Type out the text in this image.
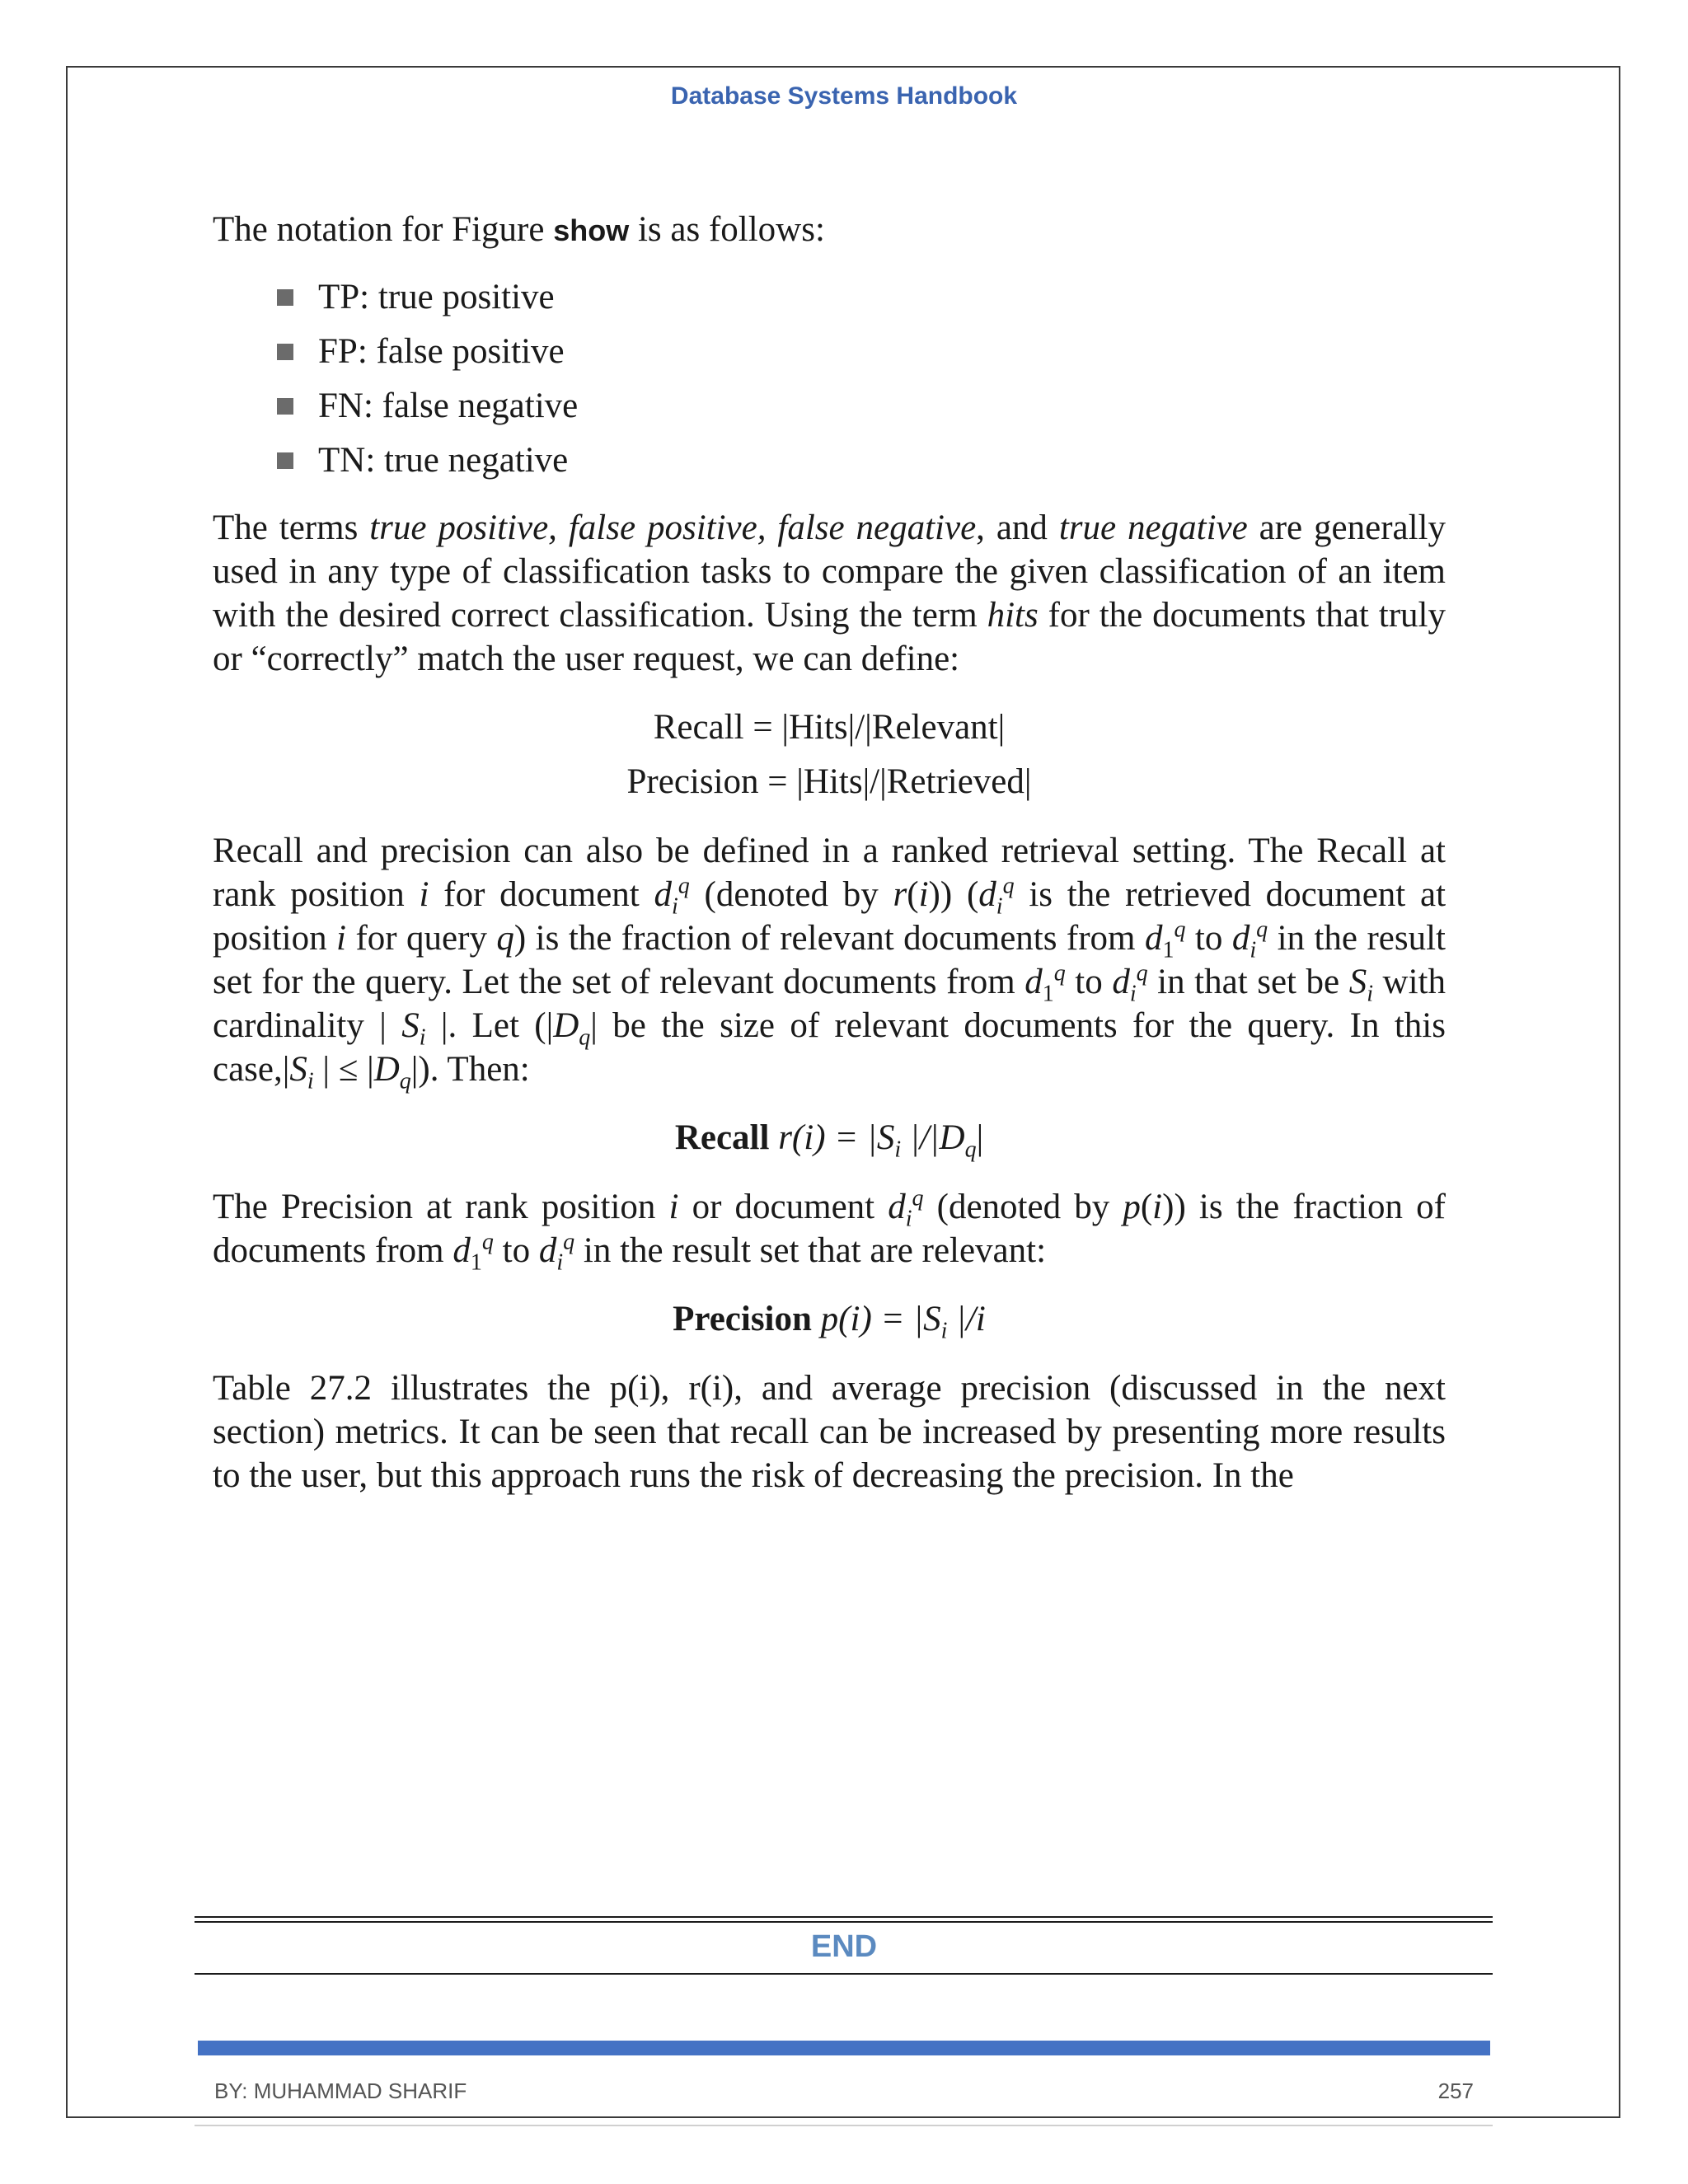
Database Systems Handbook

The notation for Figure show is as follows:

TP: true positive
FP: false positive
FN: false negative
TN: true negative

The terms true positive, false positive, false negative, and true negative are generally used in any type of classification tasks to compare the given classification of an item with the desired correct classification. Using the term hits for the documents that truly or “correctly” match the user request, we can define:

Recall = |Hits|/|Relevant|

Precision = |Hits|/|Retrieved|

Recall and precision can also be defined in a ranked retrieval setting. The Recall at rank position i for document $d_i^q$ (denoted by r(i)) ($d_i^q$ is the retrieved document at position i for query q) is the fraction of relevant documents from $d_1^q$ to $d_i^q$ in the result set for the query. Let the set of relevant documents from $d_1^q$ to $d_i^q$ in that set be $S_i$ with cardinality | $S_i$ |. Let ($|D_q|$ be the size of relevant documents for the query. In this $case,|S_i$ | ≤ $|D_q|$). Then:

Recall $r(i) = |S_i$ $|/|D_q|$

The Precision at rank position i or document $d_i^q$ (denoted by p(i)) is the fraction of documents from $d_1^q$ to $d_i^q$ in the result set that are relevant:

Precision $p(i) = |S_i$ |/i

Table 27.2 illustrates the p(i), r(i), and average precision (discussed in the next section) metrics. It can be seen that recall can be increased by presenting more results to the user, but this approach runs the risk of decreasing the precision. In the

END
BY: MUHAMMAD SHARIF	257
